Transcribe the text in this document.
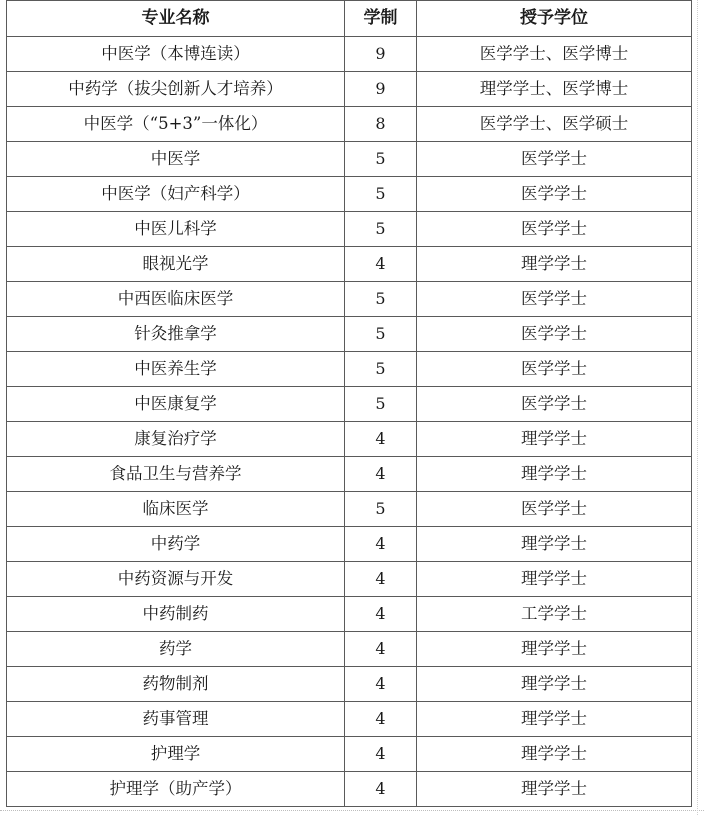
专业名称	学制	授予学位
中医学（本博连读）	9	医学学士、医学博士
中药学（拔尖创新人才培养）	9	理学学士、医学博士
中医学（“5+3”一体化）	8	医学学士、医学硕士
中医学	5	医学学士
中医学（妇产科学）	5	医学学士
中医儿科学	5	医学学士
眼视光学	4	理学学士
中西医临床医学	5	医学学士
针灸推拿学	5	医学学士
中医养生学	5	医学学士
中医康复学	5	医学学士
康复治疗学	4	理学学士
食品卫生与营养学	4	理学学士
临床医学	5	医学学士
中药学	4	理学学士
中药资源与开发	4	理学学士
中药制药	4	工学学士
药学	4	理学学士
药物制剂	4	理学学士
药事管理	4	理学学士
护理学	4	理学学士
护理学（助产学）	4	理学学士
